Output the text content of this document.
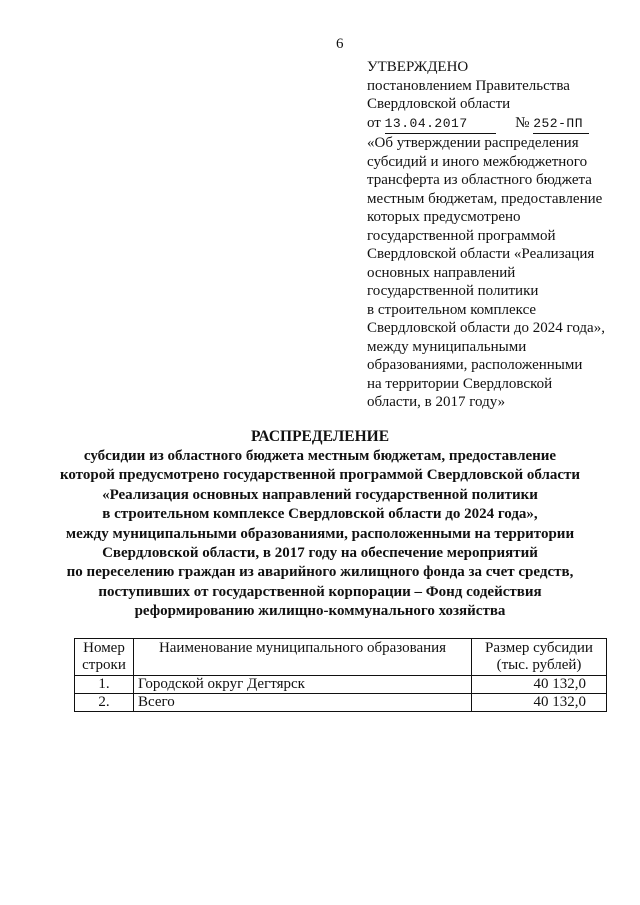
6
УТВЕРЖДЕНО
постановлением Правительства
Свердловской области
от 13.04.2017	№ 252-ПП
«Об утверждении распределения
субсидий и иного межбюджетного
трансферта из областного бюджета
местным бюджетам, предоставление
которых предусмотрено
государственной программой
Свердловской области «Реализация
основных направлений
государственной политики
в строительном комплексе
Свердловской области до 2024 года»,
между муниципальными
образованиями, расположенными
на территории Свердловской
области, в 2017 году»
РАСПРЕДЕЛЕНИЕ
субсидии из областного бюджета местным бюджетам, предоставление
которой предусмотрено государственной программой Свердловской области
«Реализация основных направлений государственной политики
в строительном комплексе Свердловской области до 2024 года»,
между муниципальными образованиями, расположенными на территории
Свердловской области, в 2017 году на обеспечение мероприятий
по переселению граждан из аварийного жилищного фонда за счет средств,
поступивших от государственной корпорации – Фонд содействия
реформированию жилищно-коммунального хозяйства
Номер
строки	Наименование муниципального образования	Размер субсидии
(тыс. рублей)
1.	Городской округ Дегтярск	40 132,0
2.	Всего	40 132,0
